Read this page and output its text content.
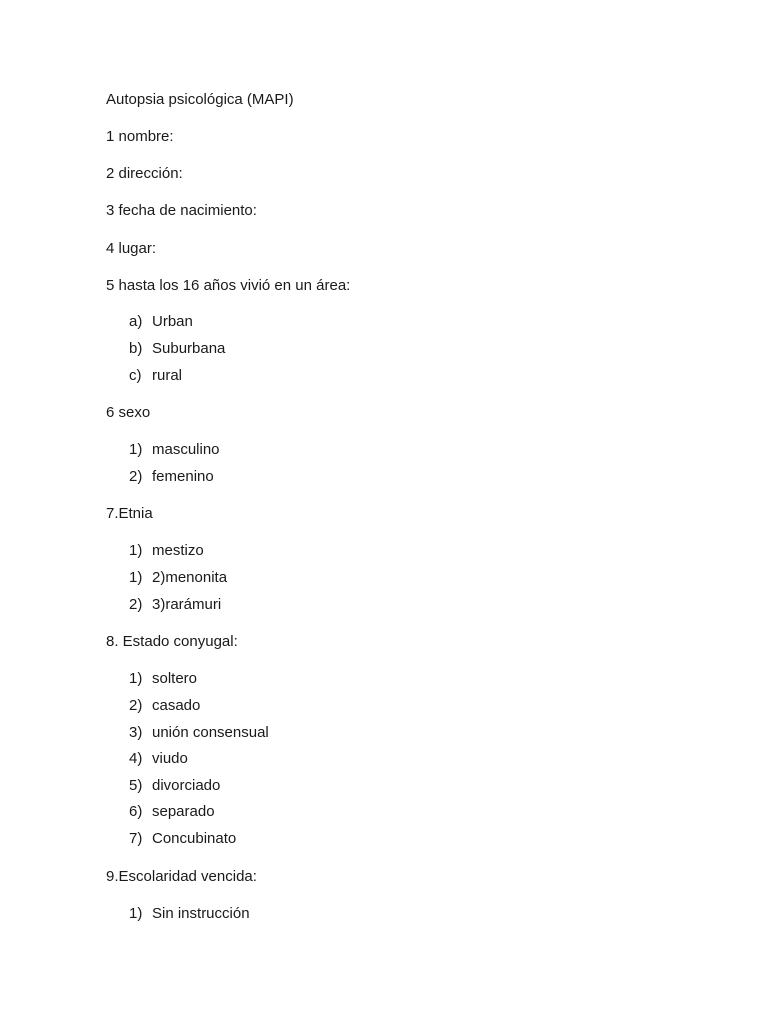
Autopsia psicológica (MAPI)
1 nombre:
2 dirección:
3 fecha de nacimiento:
4 lugar:
5 hasta los 16 años vivió en un área:
a) Urban
b) Suburbana
c) rural
6 sexo
1) masculino
2) femenino
7.Etnia
1) mestizo
1) 2)menonita
2) 3)rarámuri
8. Estado conyugal:
1) soltero
2) casado
3) unión consensual
4) viudo
5) divorciado
6) separado
7) Concubinato
9.Escolaridad vencida:
1) Sin instrucción
